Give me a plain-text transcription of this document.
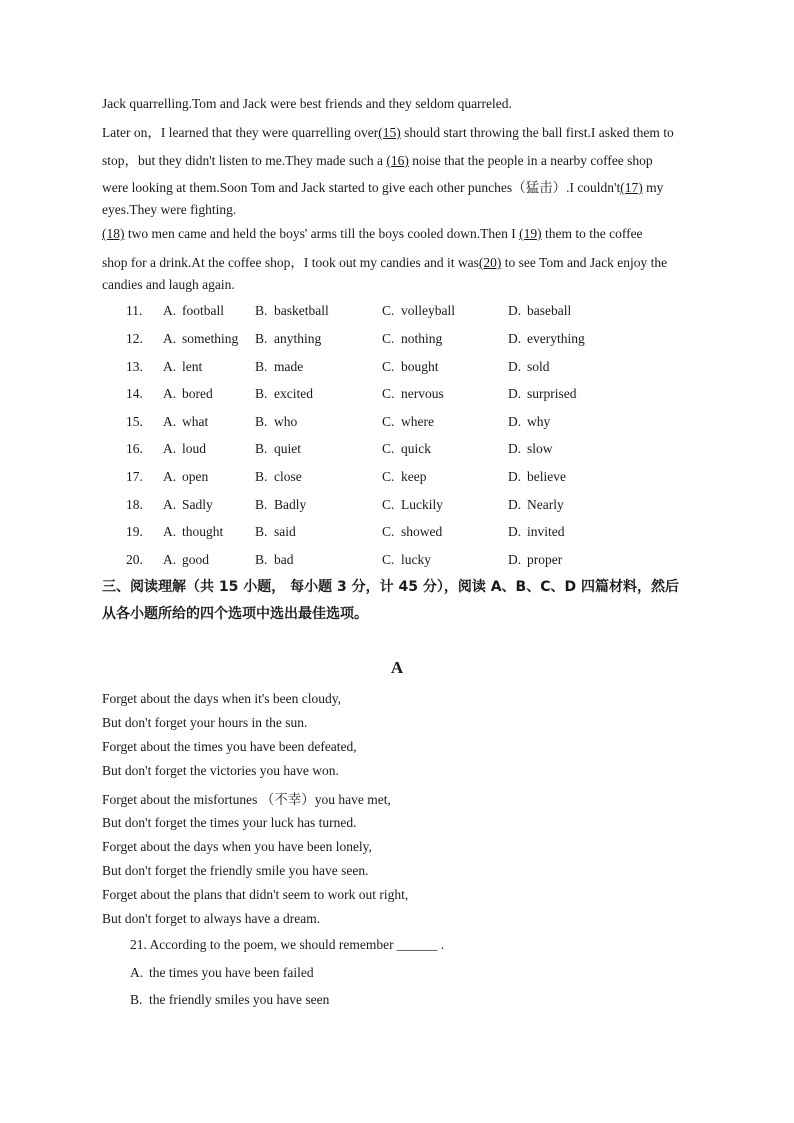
Jack quarrelling.Tom and Jack were best friends and they seldom quarreled.
Later on，I learned that they were quarrelling over(15) should start throwing the ball first.I asked them to
stop，but they didn't listen to me.They made such a (16) noise that the people in a nearby coffee shop
were looking at them.Soon Tom and Jack started to give each other punches（猛击）.I couldn't(17) my
eyes.They were fighting.
(18) two men came and held the boys' arms till the boys cooled down.Then I (19) them to the coffee
shop for a drink.At the coffee shop，I took out my candies and it was(20) to see Tom and Jack enjoy the
candies and laugh again.
11. A. football B. basketball	C. volleyball	D. baseball
12. A. something B. anything	C. nothing	D. everything
13. A. lent	B. made	C. bought	D. sold
14. A. bored	B. excited	C. nervous	D. surprised
15. A. what	B. who	C. where	D. why
16. A. loud	B. quiet	C. quick	D. slow
17. A. open	B. close	C. keep	D. believe
18. A. Sadly	B. Badly	C. Luckily	D. Nearly
19. A. thought B. said	C. showed	D. invited
20. A. good	B. bad	C. lucky	D. proper
三、阅读理解（共 15 小题， 每小题 3 分，计 45 分），阅读 A、B、C、D 四篇材料，然后
从各小题所给的四个选项中选出最佳选项。
A
Forget about the days when it's been cloudy,
But don't forget your hours in the sun.
Forget about the times you have been defeated,
But don't forget the victories you have won.
Forget about the misfortunes （不幸）you have met,
But don't forget the times your luck has turned.
Forget about the days when you have been lonely,
But don't forget the friendly smile you have seen.
Forget about the plans that didn't seem to work out right,
But don't forget to always have a dream.
21. According to the poem, we should remember ______ .
A. the times you have been failed
B. the friendly smiles you have seen
